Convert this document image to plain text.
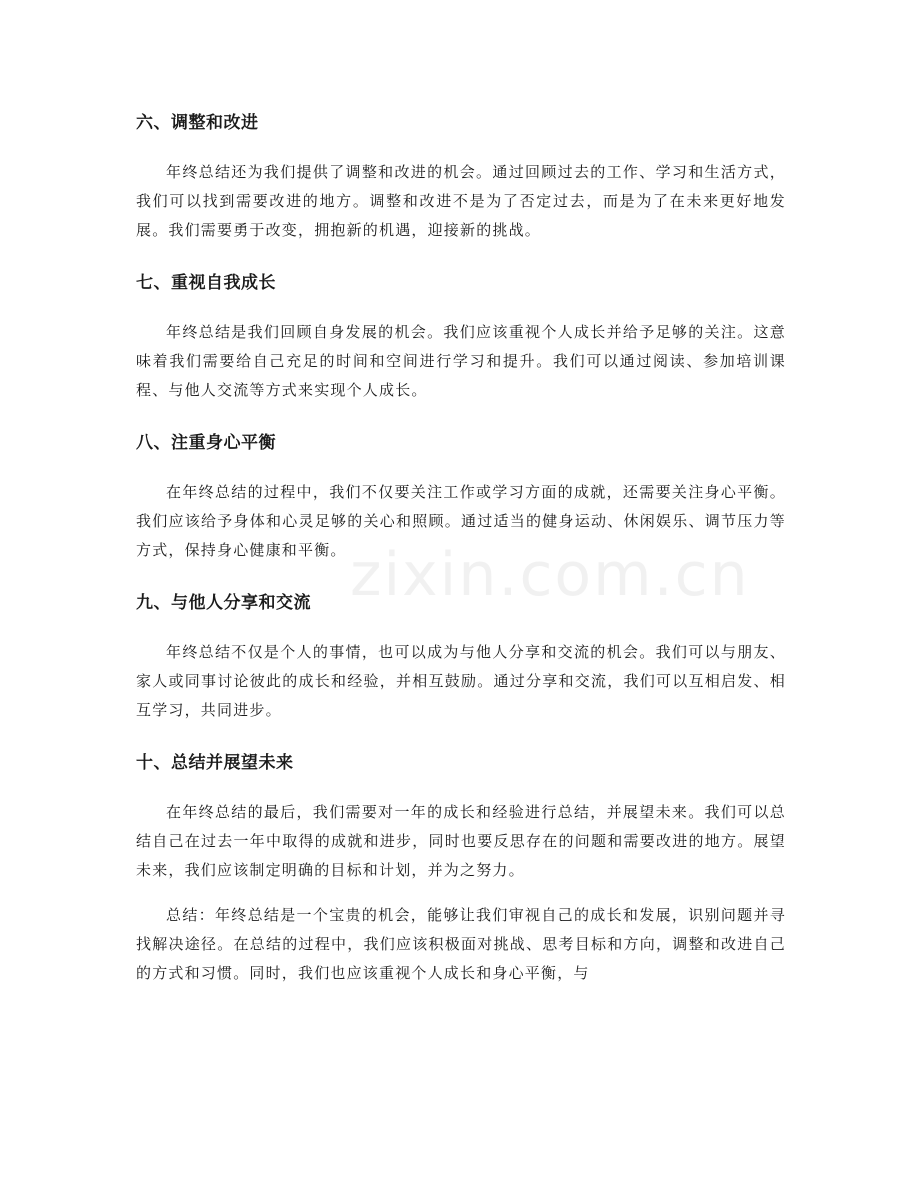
zixin.com.cn
六、调整和改进

年终总结还为我们提供了调整和改进的机会。通过回顾过去的工作、学习和生活方式，我们可以找到需要改进的地方。调整和改进不是为了否定过去，而是为了在未来更好地发展。我们需要勇于改变，拥抱新的机遇，迎接新的挑战。

七、重视自我成长

年终总结是我们回顾自身发展的机会。我们应该重视个人成长并给予足够的关注。这意味着我们需要给自己充足的时间和空间进行学习和提升。我们可以通过阅读、参加培训课程、与他人交流等方式来实现个人成长。

八、注重身心平衡

在年终总结的过程中，我们不仅要关注工作或学习方面的成就，还需要关注身心平衡。我们应该给予身体和心灵足够的关心和照顾。通过适当的健身运动、休闲娱乐、调节压力等方式，保持身心健康和平衡。

九、与他人分享和交流

年终总结不仅是个人的事情，也可以成为与他人分享和交流的机会。我们可以与朋友、家人或同事讨论彼此的成长和经验，并相互鼓励。通过分享和交流，我们可以互相启发、相互学习，共同进步。

十、总结并展望未来

在年终总结的最后，我们需要对一年的成长和经验进行总结，并展望未来。我们可以总结自己在过去一年中取得的成就和进步，同时也要反思存在的问题和需要改进的地方。展望未来，我们应该制定明确的目标和计划，并为之努力。

总结：年终总结是一个宝贵的机会，能够让我们审视自己的成长和发展，识别问题并寻找解决途径。在总结的过程中，我们应该积极面对挑战、思考目标和方向，调整和改进自己的方式和习惯。同时，我们也应该重视个人成长和身心平衡，与
